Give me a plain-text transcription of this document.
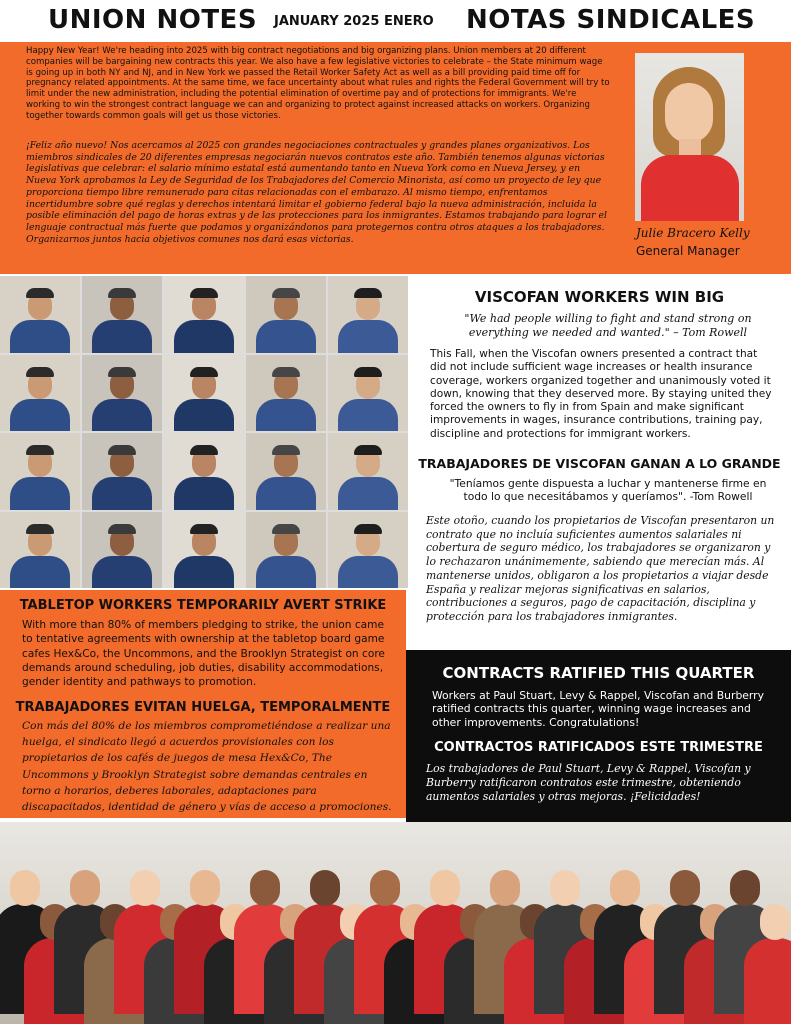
UNION NOTES JANUARY 2025 ENERO NOTAS SINDICALES

Happy New Year! We're heading into 2025 with big contract negotiations and big organizing plans. Union members at 20 different companies will be bargaining new contracts this year. We also have a few legislative victories to celebrate – the State minimum wage is going up in both NY and NJ, and in New York we passed the Retail Worker Safety Act as well as a bill providing paid time off for pregnancy related appointments. At the same time, we face uncertainty about what rules and rights the Federal Government will try to limit under the new administration, including the potential elimination of overtime pay and of protections for immigrants. We're working to win the strongest contract language we can and organizing to protect against increased attacks on workers. Organizing together towards common goals will get us those victories.

¡Feliz año nuevo! Nos acercamos al 2025 con grandes negociaciones contractuales y grandes planes organizativos. Los miembros sindicales de 20 diferentes empresas negociarán nuevos contratos este año. También tenemos algunas victorias legislativas que celebrar: el salario mínimo estatal está aumentando tanto en Nueva York como en Nueva Jersey, y en Nueva York aprobamos la Ley de Seguridad de los Trabajadores del Comercio Minorista, así como un proyecto de ley que proporciona tiempo libre remunerado para citas relacionadas con el embarazo. Al mismo tiempo, enfrentamos incertidumbre sobre qué reglas y derechos intentará limitar el gobierno federal bajo la nueva administración, incluida la posible eliminación del pago de horas extras y de las protecciones para los inmigrantes. Estamos trabajando para lograr el lenguaje contractual más fuerte que podamos y organizándonos para protegernos contra otros ataques a los trabajadores. Organizarnos juntos hacia objetivos comunes nos dará esas victorias.	Julie Bracero Kelly
General Manager
VISCOFAN WORKERS WIN BIG
"We had people willing to fight and stand strong on everything we needed and wanted." – Tom Rowell

This Fall, when the Viscofan owners presented a contract that did not include sufficient wage increases or health insurance coverage, workers organized together and unanimously voted it down, knowing that they deserved more. By staying united they forced the owners to fly in from Spain and make significant improvements in wages, insurance contributions, training pay, discipline and protections for immigrant workers.

TRABAJADORES DE VISCOFAN GANAN A LO GRANDE
"Teníamos gente dispuesta a luchar y mantenerse firme en todo lo que necesitábamos y queríamos". -Tom Rowell

Este otoño, cuando los propietarios de Viscofan presentaron un contrato que no incluía suficientes aumentos salariales ni cobertura de seguro médico, los trabajadores se organizaron y lo rechazaron unánimemente, sabiendo que merecían más. Al mantenerse unidos, obligaron a los propietarios a viajar desde España y realizar mejoras significativas en salarios, contribuciones a seguros, pago de capacitación, disciplina y protección para los trabajadores inmigrantes.

TABLETOP WORKERS TEMPORARILY AVERT STRIKE

With more than 80% of members pledging to strike, the union came to tentative agreements with ownership at the tabletop board game cafes Hex&Co, the Uncommons, and the Brooklyn Strategist on core demands around scheduling, job duties, disability accommodations, gender identity and pathways to promotion.

TRABAJADORES EVITAN HUELGA, TEMPORALMENTE

Con más del 80% de los miembros comprometiéndose a realizar una huelga, el sindicato llegó a acuerdos provisionales con los propietarios de los cafés de juegos de mesa Hex&Co, The Uncommons y Brooklyn Strategist sobre demandas centrales en torno a horarios, deberes laborales, adaptaciones para discapacitados, identidad de género y vías de acceso a promociones.

CONTRACTS RATIFIED THIS QUARTER

Workers at Paul Stuart, Levy & Rappel, Viscofan and Burberry ratified contracts this quarter, winning wage increases and other improvements. Congratulations!

CONTRACTOS RATIFICADOS ESTE TRIMESTRE

Los trabajadores de Paul Stuart, Levy & Rappel, Viscofan y Burberry ratificaron contratos este trimestre, obteniendo aumentos salariales y otras mejoras. ¡Felicidades!
